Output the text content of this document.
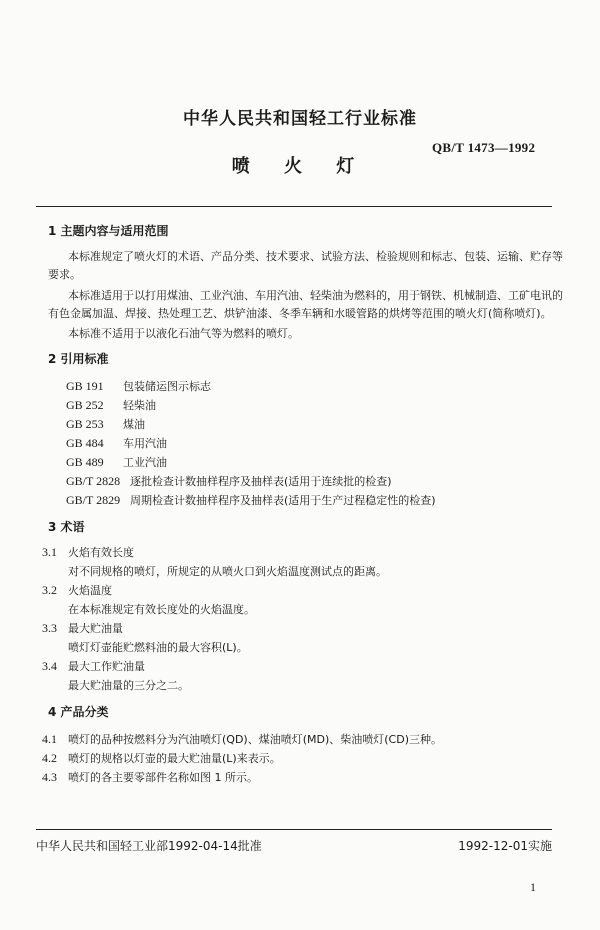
中华人民共和国轻工行业标准
QB/T 1473—1992
喷 火 灯
1 主题内容与适用范围
本标准规定了喷火灯的术语、产品分类、技术要求、试验方法、检验规则和标志、包装、运输、贮存等
要求。
本标准适用于以打用煤油、工业汽油、车用汽油、轻柴油为燃料的，用于钢铁、机械制造、工矿电讯的
有色金属加温、焊接、热处理工艺、烘铲油漆、冬季车辆和水暖管路的烘烤等范围的喷火灯(简称喷灯)。
本标准不适用于以液化石油气等为燃料的喷灯。
2 引用标准
GB 191 包装储运图示标志
GB 252 轻柴油
GB 253 煤油
GB 484 车用汽油
GB 489 工业汽油
GB/T 2828 逐批检查计数抽样程序及抽样表(适用于连续批的检查)
GB/T 2829 周期检查计数抽样程序及抽样表(适用于生产过程稳定性的检查)
3 术语
3.1 火焰有效长度
对不同规格的喷灯，所规定的从喷火口到火焰温度测试点的距离。
3.2 火焰温度
在本标准规定有效长度处的火焰温度。
3.3 最大贮油量
喷灯灯壶能贮燃料油的最大容积(L)。
3.4 最大工作贮油量
最大贮油量的三分之二。
4 产品分类
4.1 喷灯的品种按燃料分为汽油喷灯(QD)、煤油喷灯(MD)、柴油喷灯(CD)三种。
4.2 喷灯的规格以灯壶的最大贮油量(L)来表示。
4.3 喷灯的各主要零部件名称如图 1 所示。
中华人民共和国轻工业部1992-04-14批准	1992-12-01实施
1
